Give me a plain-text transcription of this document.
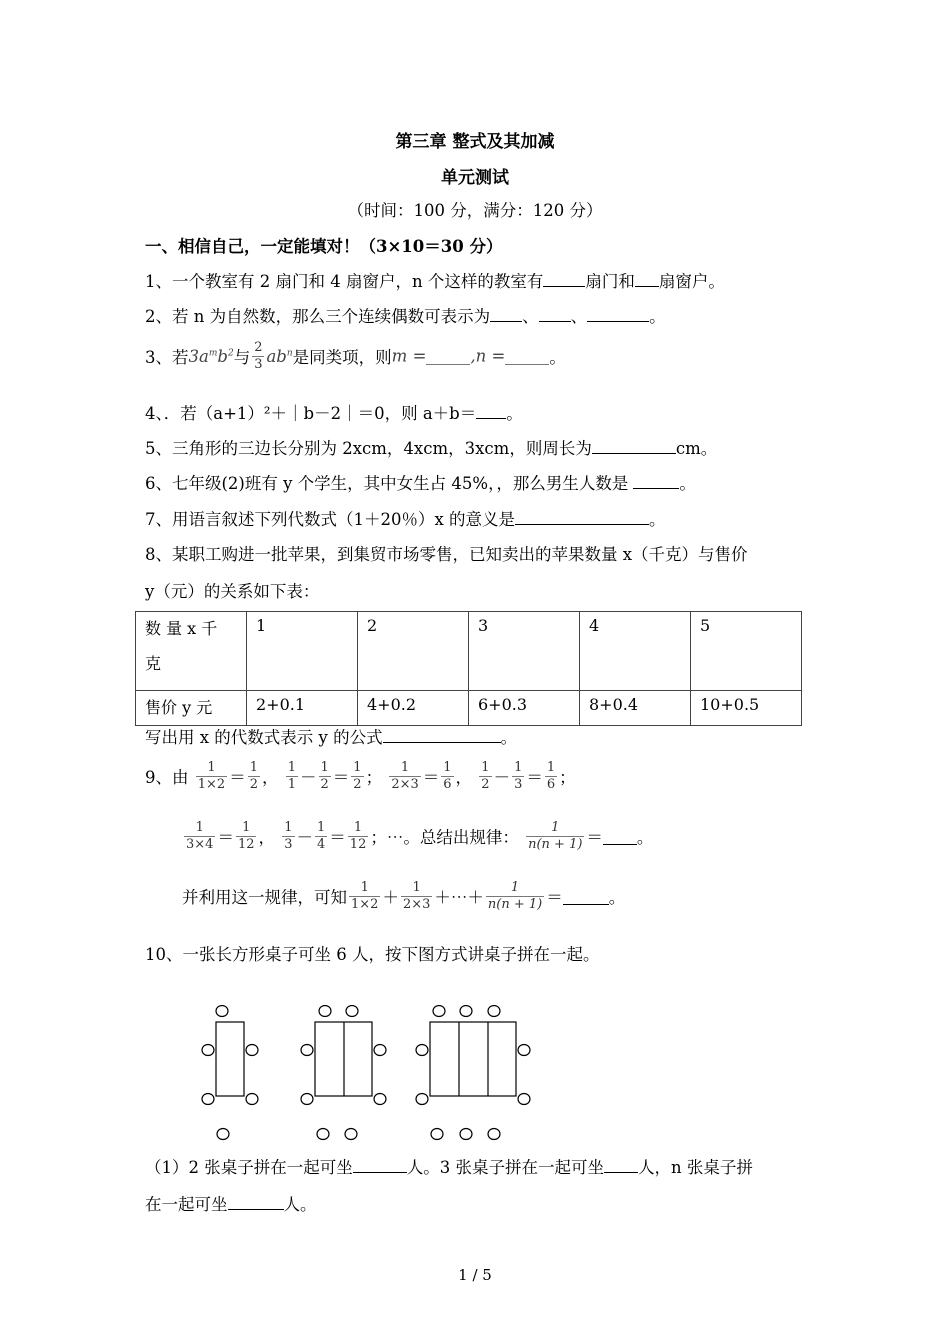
第三章 整式及其加减
单元测试
（时间：100 分，满分：120 分）
一、相信自己，一定能填对！（3×10＝30 分）
1、一个教室有 2 扇门和 4 扇窗户，n 个这样的教室有	扇门和 扇窗户。
2、若 n 为自然数，那么三个连续偶数可表示为 、 、	。
3、若$3a^mb^2$与 $\frac{2}{3} ab^n$是同类项，则m =	,n =	。
4、．若（a+1）²＋｜b－2｜＝0，则 a＋b＝ 。
5、三角形的三边长分别为 2xcm，4xcm，3xcm，则周长为	cm。
6、七年级(2)班有 y 个学生，其中女生占 45%，，那么男生人数是	。
7、用语言叙述下列代数式（1＋20％）x 的意义是	。
8、某职工购进一批苹果，到集贸市场零售，已知卖出的苹果数量 x（千克）与售价
y（元）的关系如下表：
数 量 x 千
克	1	2	3	4	5
售价 y 元	2+0.1	4+0.2	6+0.3	8+0.4	10+0.5
写出用 x 的代数式表示 y 的公式	。
9、由 $\frac{1}{1\times 2} = \frac{1}{2}$ ， $\frac{1}{1} - \frac{1}{2} = \frac{1}{2}$ ； $\frac{1}{2\times 3} = \frac{1}{6}$ ， $\frac{1}{2} - \frac{1}{3} = \frac{1}{6}$ ；
$\frac{1}{3\times 4} = \frac{1}{12}$ ， $\frac{1}{3} - \frac{1}{4} = \frac{1}{12}$ ；⋯。总结出规律： $\frac{1}{n(n + 1)}$ ＝ 。
并利用这一规律，可知 $\frac{1}{1\times 2} + \frac{1}{2\times 3}$ ＋⋯＋ $\frac{1}{n(n + 1)}$ ＝	。
10、一张长方形桌子可坐 6 人，按下图方式讲桌子拼在一起。
（1）2 张桌子拼在一起可坐	人。3 张桌子拼在一起可坐 人，n 张桌子拼
在一起可坐	人。
1 / 5
